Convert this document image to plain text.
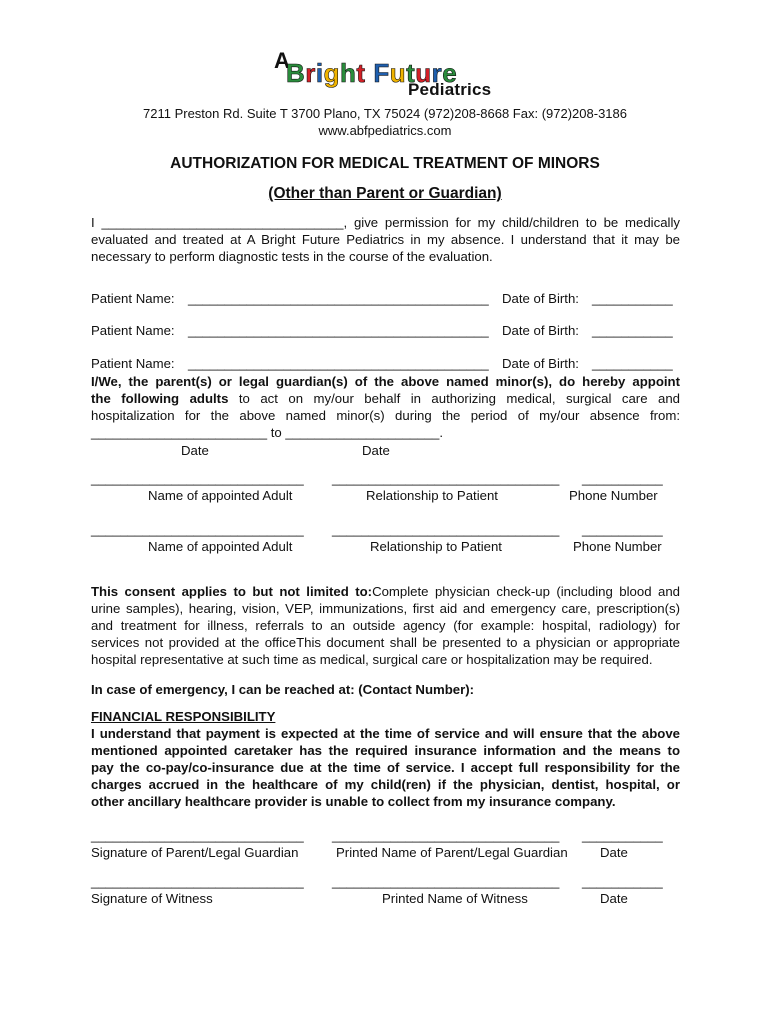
A
Bright Future
Pediatrics
7211 Preston Rd. Suite T 3700 Plano, TX 75024 (972)208-8668 Fax: (972)208-3186
www.abfpediatrics.com
AUTHORIZATION FOR MEDICAL TREATMENT OF MINORS
(Other than Parent or Guardian)
I _________________________________, give permission for my child/children to be medically
evaluated and treated at A Bright Future Pediatrics in my absence. I understand that it may be
necessary to perform diagnostic tests in the course of the evaluation.
Patient Name: _________________________________________ Date of Birth: ___________
Patient Name: _________________________________________ Date of Birth: ___________
Patient Name: _________________________________________ Date of Birth: ___________
I/We, the parent(s) or legal guardian(s) of the above named minor(s), do hereby appoint
the following adults to act on my/our behalf in authorizing medical, surgical care and
hospitalization for the above named minor(s) during the period of my/our absence from:
________________________ to _____________________.
Date	Date
_____________________________ _______________________________ ___________
Name of appointed Adult	Relationship to Patient	Phone Number
_____________________________ _______________________________ ___________
Name of appointed Adult	Relationship to Patient	Phone Number
This consent applies to but not limited to:Complete physician check-up (including blood and
urine samples), hearing, vision, VEP, immunizations, first aid and emergency care, prescription(s)
and treatment for illness, referrals to an outside agency (for example: hospital, radiology) for
services not provided at the officeThis document shall be presented to a physician or appropriate
hospital representative at such time as medical, surgical care or hospitalization may be required.
In case of emergency, I can be reached at: (Contact Number):
FINANCIAL RESPONSIBILITY
I understand that payment is expected at the time of service and will ensure that the above
mentioned appointed caretaker has the required insurance information and the means to
pay the co-pay/co-insurance due at the time of service. I accept full responsibility for the
charges accrued in the healthcare of my child(ren) if the physician, dentist, hospital, or
other ancillary healthcare provider is unable to collect from my insurance company.
_____________________________ _______________________________ ___________
Signature of Parent/Legal Guardian	Printed Name of Parent/Legal Guardian Date
_____________________________ _______________________________ ___________
Signature of Witness	Printed Name of Witness	Date
